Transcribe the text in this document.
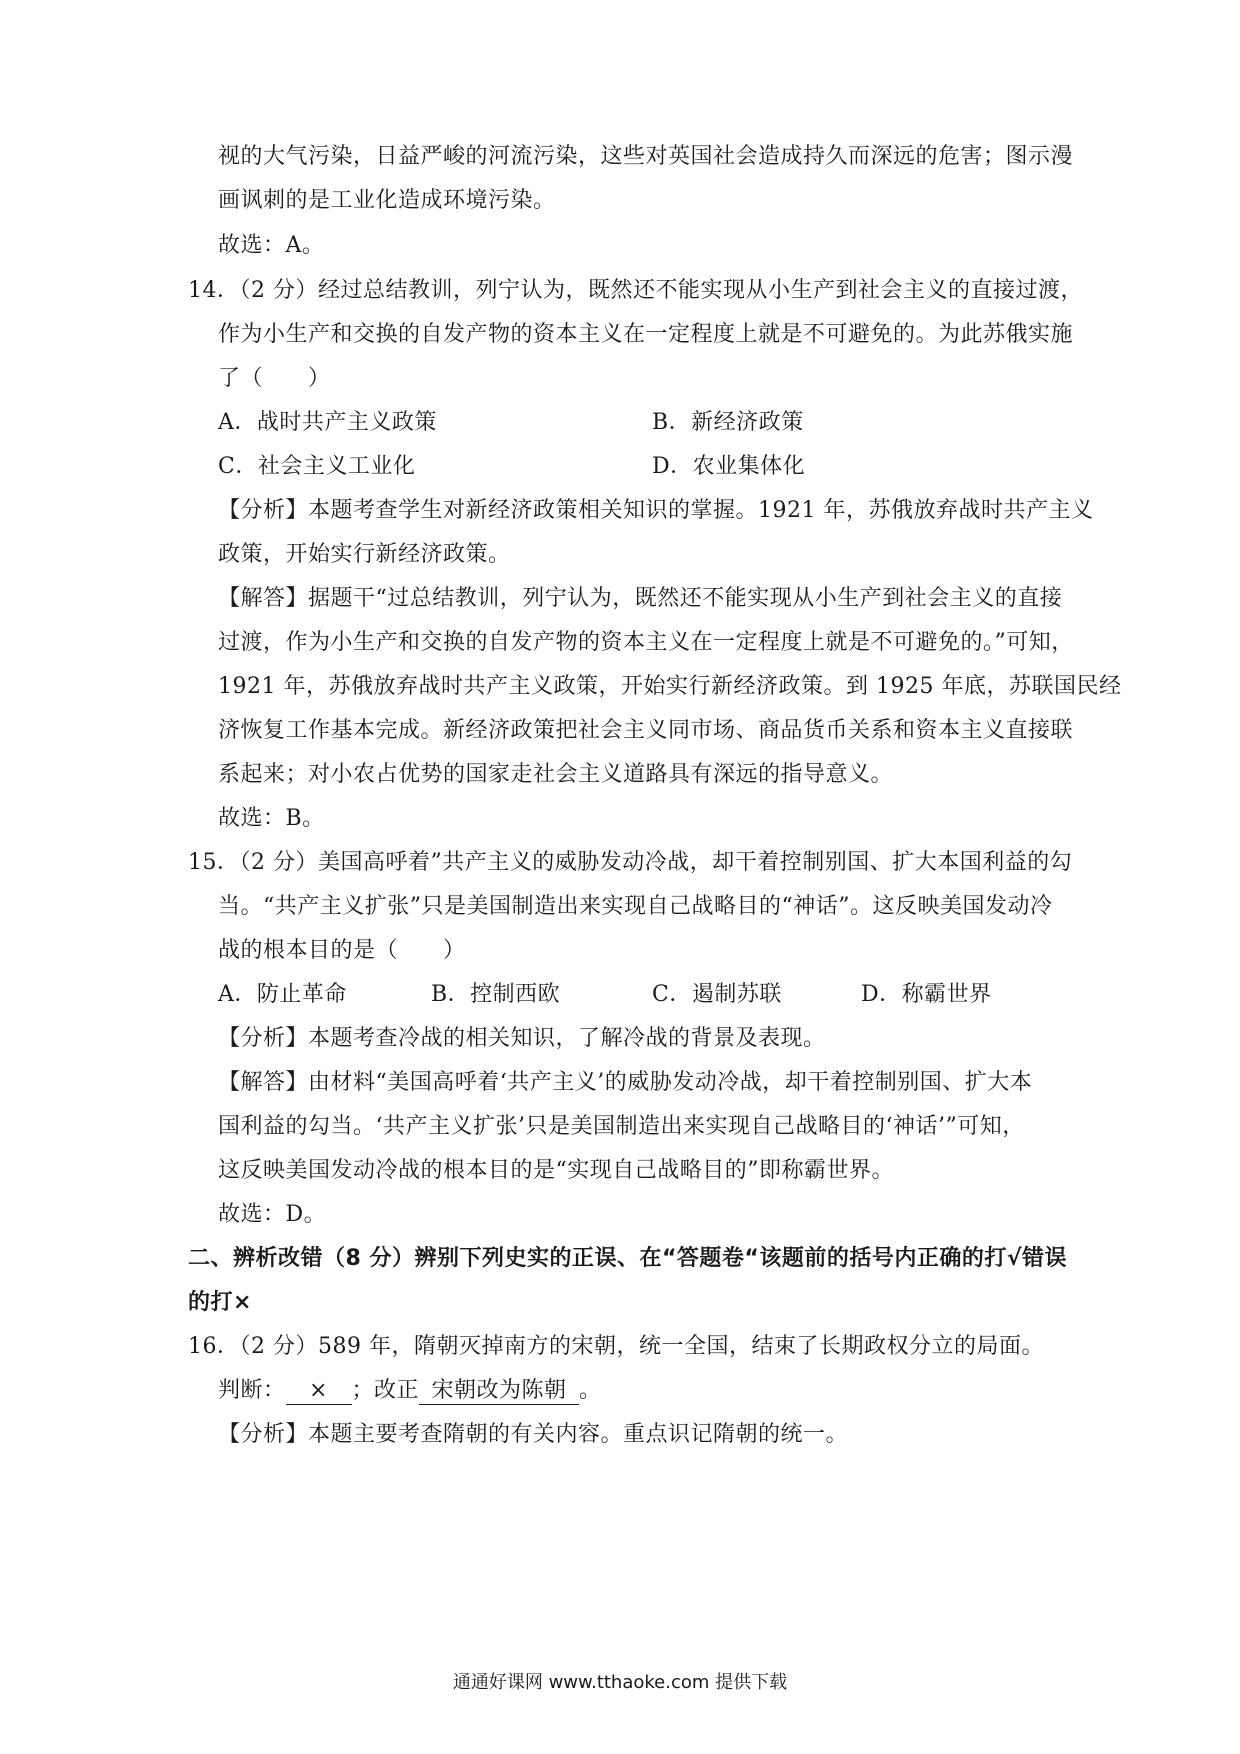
视的大气污染，日益严峻的河流污染，这些对英国社会造成持久而深远的危害；图示漫
画讽刺的是工业化造成环境污染。
故选：A。
14．（2 分）经过总结教训，列宁认为，既然还不能实现从小生产到社会主义的直接过渡，
作为小生产和交换的自发产物的资本主义在一定程度上就是不可避免的。为此苏俄实施
了（　　）
A．战时共产主义政策	B．新经济政策
C．社会主义工业化	D．农业集体化
【分析】本题考查学生对新经济政策相关知识的掌握。1921 年，苏俄放弃战时共产主义
政策，开始实行新经济政策。
【解答】据题干“过总结教训，列宁认为，既然还不能实现从小生产到社会主义的直接
过渡，作为小生产和交换的自发产物的资本主义在一定程度上就是不可避免的。”可知，
1921 年，苏俄放弃战时共产主义政策，开始实行新经济政策。到 1925 年底，苏联国民经
济恢复工作基本完成。新经济政策把社会主义同市场、商品货币关系和资本主义直接联
系起来；对小农占优势的国家走社会主义道路具有深远的指导意义。
故选：B。
15．（2 分）美国高呼着”共产主义的威胁发动冷战，却干着控制别国、扩大本国利益的勾
当。“共产主义扩张”只是美国制造出来实现自己战略目的“神话”。这反映美国发动冷
战的根本目的是（　　）
A．防止革命	B．控制西欧	C．遏制苏联	D．称霸世界
【分析】本题考查冷战的相关知识，了解冷战的背景及表现。
【解答】由材料“美国高呼着‘共产主义’的威胁发动冷战，却干着控制别国、扩大本
国利益的勾当。‘共产主义扩张’只是美国制造出来实现自己战略目的‘神话’”可知，
这反映美国发动冷战的根本目的是“实现自己战略目的”即称霸世界。
故选：D。
二、辨析改错（8 分）辨别下列史实的正误、在“答题卷“该题前的括号内正确的打√错误
的打×
16．（2 分）589 年，隋朝灭掉南方的宋朝，统一全国，结束了长期政权分立的局面。
判断： × ；改正 宋朝改为陈朝 。
【分析】本题主要考查隋朝的有关内容。重点识记隋朝的统一。
通通好课网 www.tthaoke.com 提供下载
